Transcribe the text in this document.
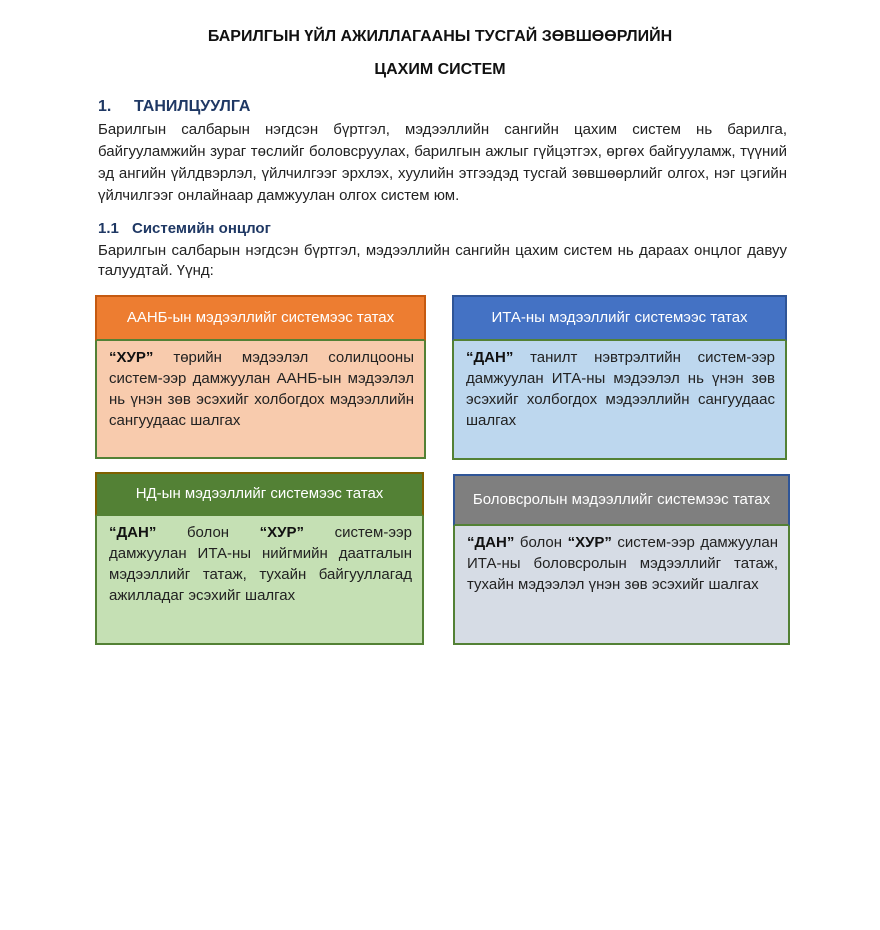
БАРИЛГЫН ҮЙЛ АЖИЛЛАГААНЫ ТУСГАЙ ЗӨВШӨӨРЛИЙН
ЦАХИМ СИСТЕМ
1. ТАНИЛЦУУЛГА
Барилгын салбарын нэгдсэн бүртгэл, мэдээллийн сангийн цахим систем нь барилга, байгууламжийн зураг төслийг боловсруулах, барилгын ажлыг гүйцэтгэх, өргөх байгууламж, түүний эд ангийн үйлдвэрлэл, үйлчилгээг эрхлэх, хуулийн этгээдэд тусгай зөвшөөрлийг олгох, нэг цэгийн үйлчилгээг онлайнаар дамжуулан олгох систем юм.
1.1 Системийн онцлог
Барилгын салбарын нэгдсэн бүртгэл, мэдээллийн сангийн цахим систем нь дараах онцлог давуу талуудтай. Үүнд:
ААНБ-ын мэдээллийг системээс татах
“ХУР” төрийн мэдээлэл солилцооны систем-ээр дамжуулан ААНБ-ын мэдээлэл нь үнэн зөв эсэхийг холбогдох мэдээллийн сангуудаас шалгах
ИТА-ны мэдээллийг системээс татах
“ДАН” танилт нэвтрэлтийн систем-ээр дамжуулан ИТА-ны мэдээлэл нь үнэн зөв эсэхийг холбогдох мэдээллийн сангуудаас шалгах
НД-ын мэдээллийг системээс татах
“ДАН” болон “ХУР” систем-ээр дамжуулан ИТА-ны нийгмийн даатгалын мэдээллийг татаж, тухайн байгууллагад ажилладаг эсэхийг шалгах
Боловсролын мэдээллийг системээс татах
“ДАН” болон “ХУР” систем-ээр дамжуулан ИТА-ны боловсролын мэдээллийг татаж, тухайн мэдээлэл үнэн зөв эсэхийг шалгах
